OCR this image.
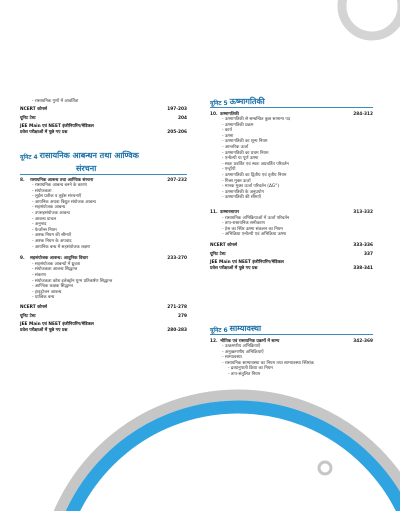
- रासायनिक गुणों में आवर्तिता
NCERT कोनर्स	197-203
यूनिट टेस्ट	204
JEE Main एवं NEET इंजीनियरिंग/मेडिकल
प्रवेश परीक्षाओं में पूछे गए प्रश्न	205-206
यूनिट 4 रासायनिक आबन्धन तथा आण्विक
संरचना
8.	रासायनिक आबन्ध तथा आण्विक संरचना	207-232
- रासायनिक आबन्ध बनने के कारण
- संयोजकता
- लुईस प्रतीक व लुईस संरचनाएँ
- आयनिक अथवा विद्युत संयोजक आबन्ध
- सहसंयोजक आबन्ध
- उपसहसंयोजक आबन्ध
- आबन्ध प्राचल
- अनुनाद
- फेजॉन्स नियम
- अष्टक नियम की सीमाएँ
- अष्टक नियम के अपवाद
- आयनिक बन्ध में सहसंयोजक लक्षण
9.	सहसंयोजक आबन्ध: आधुनिक विचार	233-270
- सहसंयोजक आबन्धों में ध्रुवता
- संयोजकता आबन्ध सिद्धान्त
- संकरण
- संयोजकता कोश इलेक्ट्रॉन युग्म प्रतिकर्षण सिद्धान्त
- आण्विक कक्षक सिद्धान्त
- हाइड्रोजन आबन्ध
- धात्विक बन्ध
NCERT कोनर्स	271-278
यूनिट टेस्ट	279
JEE Main एवं NEET इंजीनियरिंग/मेडिकल
प्रवेश परीक्षाओं में पूछे गए प्रश्न	280-283
यूनिट 5 ऊष्मागतिकी
10. ऊष्मागतिकी	284-312
- ऊष्मागतिकी से सम्बन्धित कुछ सामान्य पद
- ऊष्मागतिकी प्रक्रम
- कार्य
- ऊष्मा
- ऊष्मागतिकी का शून्य नियम
- आन्तरिक ऊर्जा
- ऊष्मागतिकी का प्रथम नियम
- एन्थैल्पी या पूर्ण ऊष्मा
- स्वतः प्रवर्तित एवं स्वतः अप्रवर्तित परिवर्तन
- एन्ट्रॉपी
- ऊष्मागतिकी का द्वितीय एवं तृतीय नियम
- गिब्स मुक्त ऊर्जा
- मानक मुक्त ऊर्जा परिवर्तन (ΔG°)
- ऊष्मागतिकी के अनुप्रयोग
- ऊष्मागतिकी की सीमाएँ
11. ऊष्मारसायन	313-332
- रासायनिक अभिक्रियाओं में ऊर्जा परिवर्तन
- ताप-रासायनिक समीकरण
- हेस का स्थिर ऊष्मा संकलन का नियम
- अभिक्रिया एन्थैल्पी एवं अभिक्रिया ऊष्मा
NCERT कोनर्स	333-336
यूनिट टेस्ट	337
JEE Main एवं NEET इंजीनियरिंग/मेडिकल
प्रवेश परीक्षाओं में पूछे गए प्रश्न	338-341
यूनिट 6 साम्यावस्था
12. भौतिक एवं रासायनिक प्रक्रमों में साम्य	342-369
- उत्क्रमणीय अभिक्रियाएँ
- अनुत्क्रमणीय अभिक्रियाएँ
- साम्यावस्था
- रासायनिक साम्यावस्था का नियम तथा साम्यावस्था स्थिरांक
- द्रव्यानुपाती क्रिया का नियम
- ताप-संतुलित नियम
